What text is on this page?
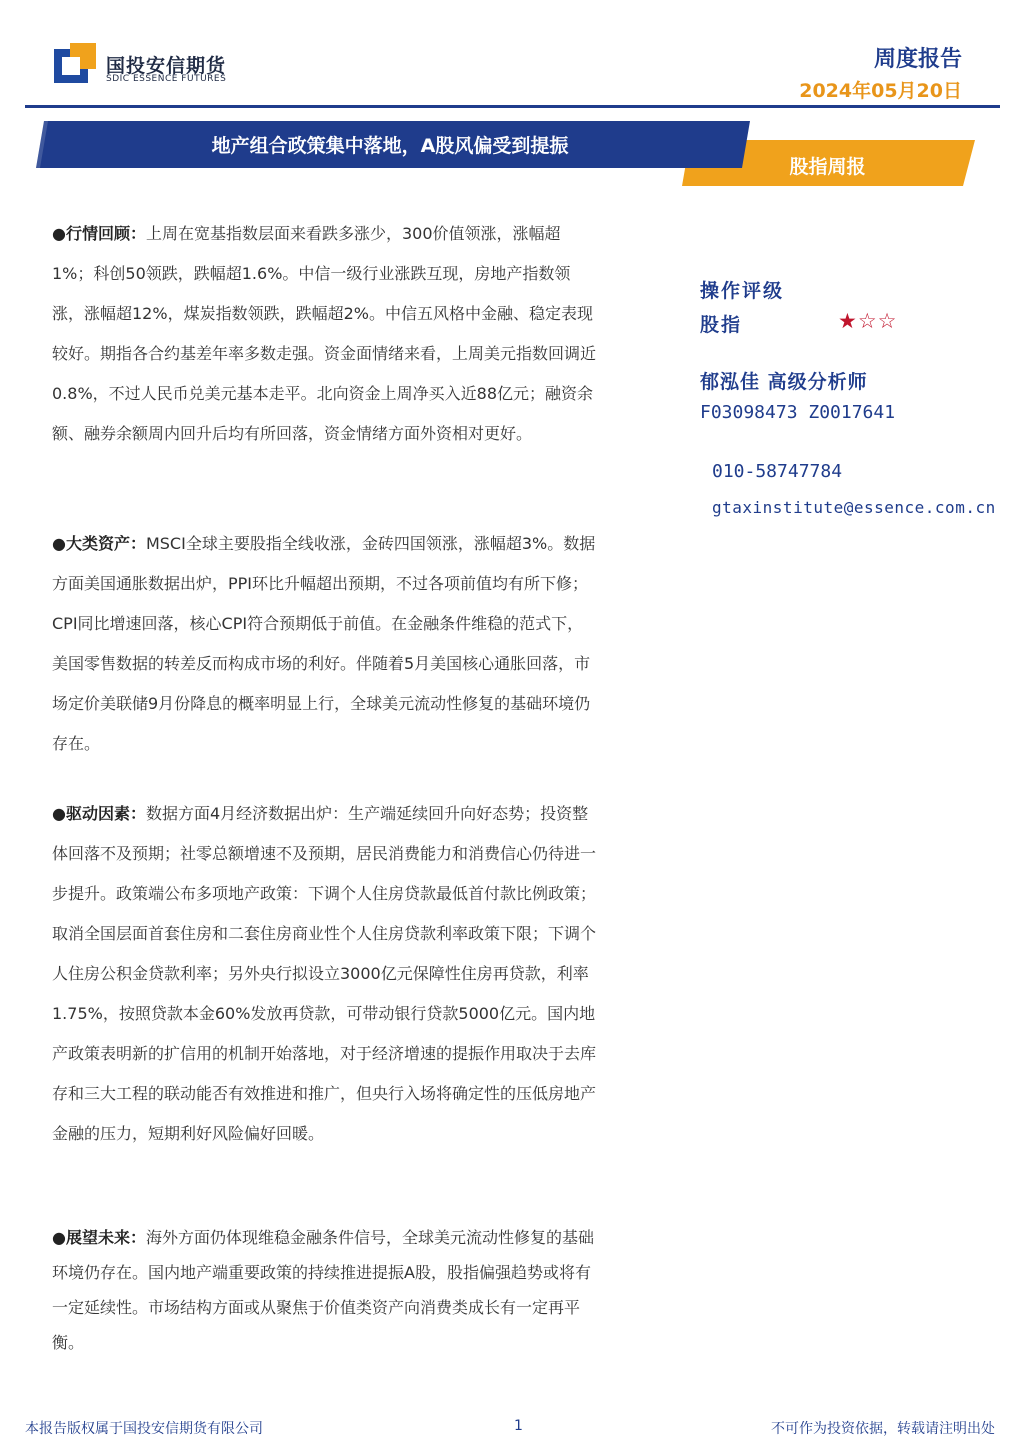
国投安信期货
SDIC ESSENCE FUTURES
周度报告
2024年05月20日
地产组合政策集中落地，A股风偏受到提振
股指周报
●行情回顾：上周在宽基指数层面来看跌多涨少，300价值领涨，涨幅超1%；科创50领跌，跌幅超1.6%。中信一级行业涨跌互现，房地产指数领涨，涨幅超12%，煤炭指数领跌，跌幅超2%。中信五风格中金融、稳定表现较好。期指各合约基差年率多数走强。资金面情绪来看，上周美元指数回调近0.8%，不过人民币兑美元基本走平。北向资金上周净买入近88亿元；融资余额、融券余额周内回升后均有所回落，资金情绪方面外资相对更好。
●大类资产：MSCI全球主要股指全线收涨，金砖四国领涨，涨幅超3%。数据方面美国通胀数据出炉，PPI环比升幅超出预期，不过各项前值均有所下修；CPI同比增速回落，核心CPI符合预期低于前值。在金融条件维稳的范式下，美国零售数据的转差反而构成市场的利好。伴随着5月美国核心通胀回落，市场定价美联储9月份降息的概率明显上行，全球美元流动性修复的基础环境仍存在。
●驱动因素：数据方面4月经济数据出炉：生产端延续回升向好态势；投资整体回落不及预期；社零总额增速不及预期，居民消费能力和消费信心仍待进一步提升。政策端公布多项地产政策：下调个人住房贷款最低首付款比例政策；取消全国层面首套住房和二套住房商业性个人住房贷款利率政策下限；下调个人住房公积金贷款利率；另外央行拟设立3000亿元保障性住房再贷款，利率1.75%，按照贷款本金60%发放再贷款，可带动银行贷款5000亿元。国内地产政策表明新的扩信用的机制开始落地，对于经济增速的提振作用取决于去库存和三大工程的联动能否有效推进和推广，但央行入场将确定性的压低房地产金融的压力，短期利好风险偏好回暖。
●展望未来：海外方面仍体现维稳金融条件信号，全球美元流动性修复的基础环境仍存在。国内地产端重要政策的持续推进提振A股，股指偏强趋势或将有一定延续性。市场结构方面或从聚焦于价值类资产向消费类成长有一定再平衡。
操作评级
股指	★☆☆
郁泓佳 高级分析师
F03098473 Z0017641
010-58747784
gtaxinstitute@essence.com.cn
本报告版权属于国投安信期货有限公司	1	不可作为投资依据，转载请注明出处
